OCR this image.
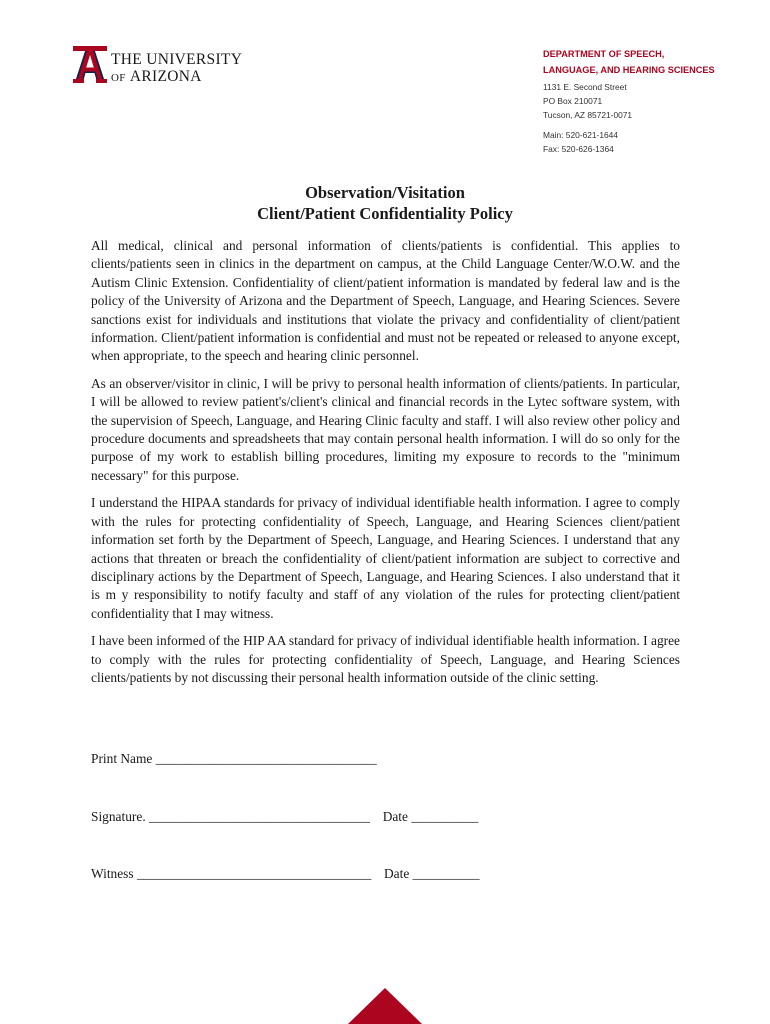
THE UNIVERSITY
OF ARIZONA
DEPARTMENT OF SPEECH,
LANGUAGE, AND HEARING SCIENCES
1131 E. Second Street
PO Box 210071
Tucson, AZ 85721-0071
Main: 520-621-1644
Fax: 520-626-1364
Observation/Visitation
Client/Patient Confidentiality Policy

All medical, clinical and personal information of clients/patients is confidential. This applies to clients/patients seen in clinics in the department on campus, at the Child Language Center/W.O.W. and the Autism Clinic Extension. Confidentiality of client/patient information is mandated by federal law and is the policy of the University of Arizona and the Department of Speech, Language, and Hearing Sciences. Severe sanctions exist for individuals and institutions that violate the privacy and confidentiality of client/patient information. Client/patient information is confidential and must not be repeated or released to anyone except, when appropriate, to the speech and hearing clinic personnel.

As an observer/visitor in clinic, I will be privy to personal health information of clients/patients. In particular, I will be allowed to review patient's/client's clinical and financial records in the Lytec software system, with the supervision of Speech, Language, and Hearing Clinic faculty and staff. I will also review other policy and procedure documents and spreadsheets that may contain personal health information. I will do so only for the purpose of my work to establish billing procedures, limiting my exposure to records to the "minimum necessary" for this purpose.

I understand the HIPAA standards for privacy of individual identifiable health information. I agree to comply with the rules for protecting confidentiality of Speech, Language, and Hearing Sciences client/patient information set forth by the Department of Speech, Language, and Hearing Sciences. I understand that any actions that threaten or breach the confidentiality of client/patient information are subject to corrective and disciplinary actions by the Department of Speech, Language, and Hearing Sciences. I also understand that it is m y responsibility to notify faculty and staff of any violation of the rules for protecting client/patient confidentiality that I may witness.

I have been informed of the HIP AA standard for privacy of individual identifiable health information. I agree to comply with the rules for protecting confidentiality of Speech, Language, and Hearing Sciences clients/patients by not discussing their personal health information outside of the clinic setting.

Print Name _________________________________
Signature. _________________________________ Date __________
Witness ___________________________________ Date __________
